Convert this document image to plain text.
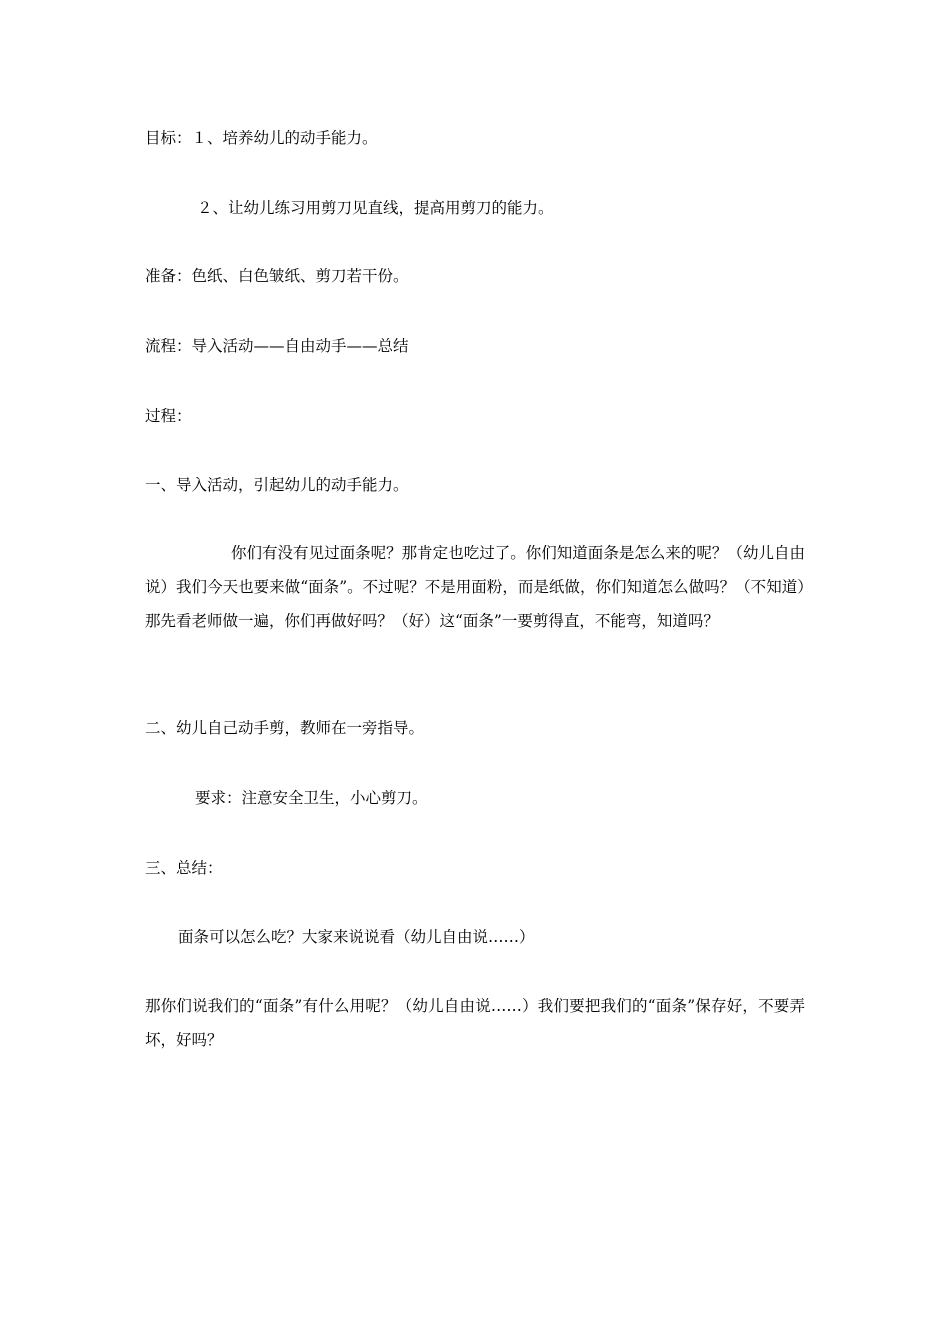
目标：１、培养幼儿的动手能力。

２、让幼儿练习用剪刀见直线，提高用剪刀的能力。

准备：色纸、白色皱纸、剪刀若干份。

流程：导入活动——自由动手——总结

过程：

一、导入活动，引起幼儿的动手能力。

你们有没有见过面条呢？那肯定也吃过了。你们知道面条是怎么来的呢？（幼儿自由说）我们今天也要来做“面条”。不过呢？不是用面粉，而是纸做，你们知道怎么做吗？（不知道）那先看老师做一遍，你们再做好吗？（好）这“面条”一要剪得直，不能弯，知道吗？

二、幼儿自己动手剪，教师在一旁指导。

要求：注意安全卫生，小心剪刀。

三、总结：

面条可以怎么吃？大家来说说看（幼儿自由说……）

那你们说我们的“面条”有什么用呢？（幼儿自由说……）我们要把我们的“面条”保存好，不要弄坏，好吗？
